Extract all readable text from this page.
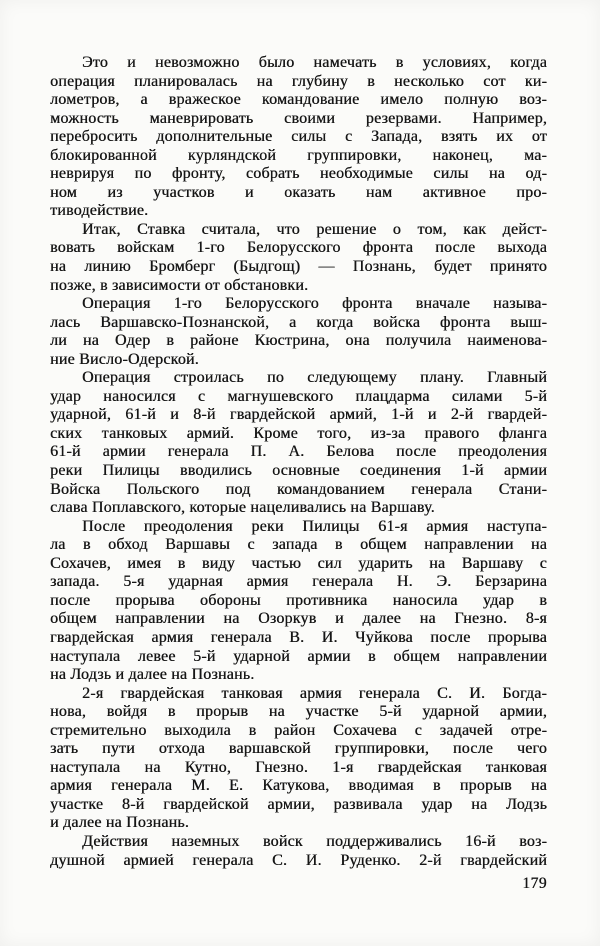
Это и невозможно было намечать в условиях, когда
операция планировалась на глубину в несколько сот ки-
лометров, а вражеское командование имело полную воз-
можность маневрировать своими резервами. Например,
перебросить дополнительные силы с Запада, взять их от
блокированной курляндской группировки, наконец, ма-
неврируя по фронту, собрать необходимые силы на од-
ном из участков и оказать нам активное про-
тиводействие.
Итак, Ставка считала, что решение о том, как дейст-
вовать войскам 1-го Белорусского фронта после выхода
на линию Бромберг (Быдгощ) — Познань, будет принято
позже, в зависимости от обстановки.
Операция 1-го Белорусского фронта вначале называ-
лась Варшавско-Познанской, а когда войска фронта выш-
ли на Одер в районе Кюстрина, она получила наименова-
ние Висло-Одерской.
Операция строилась по следующему плану. Главный
удар наносился с магнушевского плацдарма силами 5-й
ударной, 61-й и 8-й гвардейской армий, 1-й и 2-й гвардей-
ских танковых армий. Кроме того, из-за правого фланга
61-й армии генерала П. А. Белова после преодоления
реки Пилицы вводились основные соединения 1-й армии
Войска Польского под командованием генерала Стани-
слава Поплавского, которые нацеливались на Варшаву.
После преодоления реки Пилицы 61-я армия наступа-
ла в обход Варшавы с запада в общем направлении на
Сохачев, имея в виду частью сил ударить на Варшаву с
запада. 5-я ударная армия генерала Н. Э. Берзарина
после прорыва обороны противника наносила удар в
общем направлении на Озоркув и далее на Гнезно. 8-я
гвардейская армия генерала В. И. Чуйкова после прорыва
наступала левее 5-й ударной армии в общем направлении
на Лодзь и далее на Познань.
2-я гвардейская танковая армия генерала С. И. Богда-
нова, войдя в прорыв на участке 5-й ударной армии,
стремительно выходила в район Сохачева с задачей отре-
зать пути отхода варшавской группировки, после чего
наступала на Кутно, Гнезно. 1-я гвардейская танковая
армия генерала М. Е. Катукова, вводимая в прорыв на
участке 8-й гвардейской армии, развивала удар на Лодзь
и далее на Познань.
Действия наземных войск поддерживались 16-й воз-
душной армией генерала С. И. Руденко. 2-й гвардейский
179
